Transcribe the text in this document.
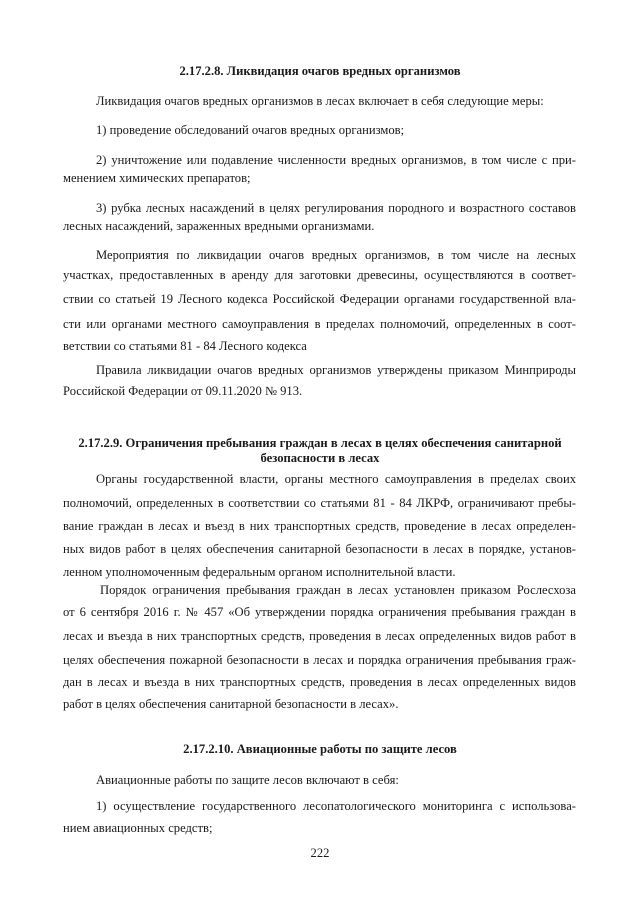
2.17.2.8. Ликвидация очагов вредных организмов
Ликвидация очагов вредных организмов в лесах включает в себя следующие меры:
1) проведение обследований очагов вредных организмов;
2) уничтожение или подавление численности вредных организмов, в том числе с при-
менением химических препаратов;
3) рубка лесных насаждений в целях регулирования породного и возрастного составов
лесных насаждений, зараженных вредными организмами.
Мероприятия по ликвидации очагов вредных организмов, в том числе на лесных
участках, предоставленных в аренду для заготовки древесины, осуществляются в соответ-
ствии со статьей 19 Лесного кодекса Российской Федерации органами государственной вла-
сти или органами местного самоуправления в пределах полномочий, определенных в соот-
ветствии со статьями 81 - 84 Лесного кодекса
Правила ликвидации очагов вредных организмов утверждены приказом Минприроды
Российской Федерации от 09.11.2020 № 913.
2.17.2.9. Ограничения пребывания граждан в лесах в целях обеспечения санитарной
безопасности в лесах
Органы государственной власти, органы местного самоуправления в пределах своих
полномочий, определенных в соответствии со статьями 81 - 84 ЛКРФ, ограничивают пребы-
вание граждан в лесах и въезд в них транспортных средств, проведение в лесах определен-
ных видов работ в целях обеспечения санитарной безопасности в лесах в порядке, установ-
ленном уполномоченным федеральным органом исполнительной власти.
Порядок ограничения пребывания граждан в лесах установлен приказом Рослесхоза
от 6 сентября 2016 г. № 457 «Об утверждении порядка ограничения пребывания граждан в
лесах и въезда в них транспортных средств, проведения в лесах определенных видов работ в
целях обеспечения пожарной безопасности в лесах и порядка ограничения пребывания граж-
дан в лесах и въезда в них транспортных средств, проведения в лесах определенных видов
работ в целях обеспечения санитарной безопасности в лесах».
2.17.2.10. Авиационные работы по защите лесов
Авиационные работы по защите лесов включают в себя:
1) осуществление государственного лесопатологического мониторинга с использова-
нием авиационных средств;
222
